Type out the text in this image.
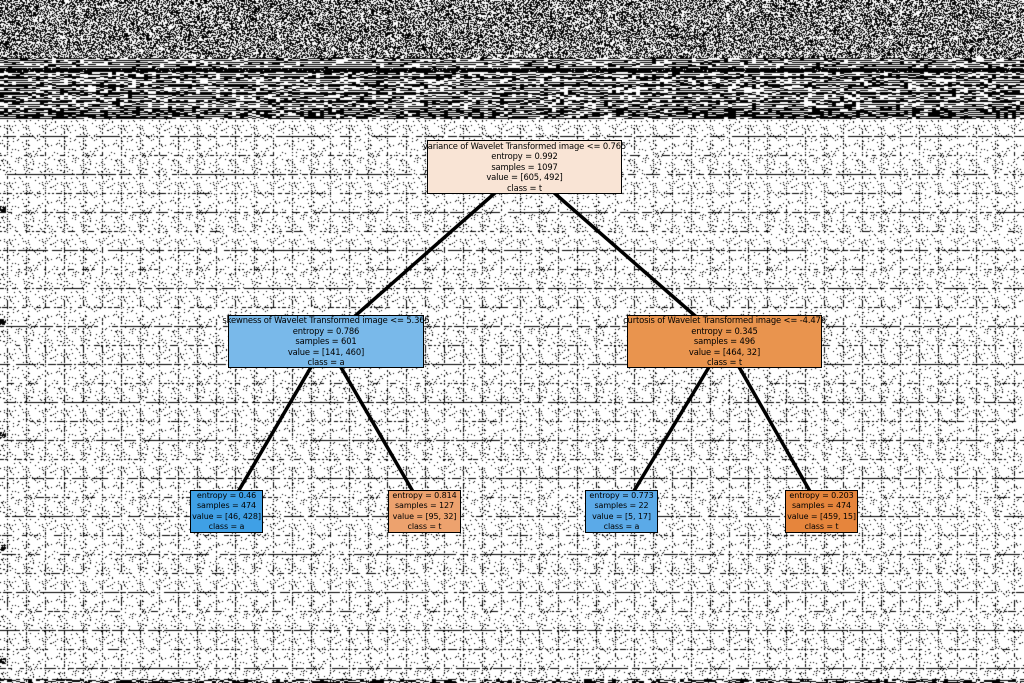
variance of Wavelet Transformed image <= 0.765
entropy = 0.992
samples = 1097
value = [605, 492]
class = t
skewness of Wavelet Transformed image <= 5.365
entropy = 0.786
samples = 601
value = [141, 460]
class = a
curtosis of Wavelet Transformed image <= -4.476
entropy = 0.345
samples = 496
value = [464, 32]
class = t
entropy = 0.46
samples = 474
value = [46, 428]
class = a
entropy = 0.814
samples = 127
value = [95, 32]
class = t
entropy = 0.773
samples = 22
value = [5, 17]
class = a
entropy = 0.203
samples = 474
value = [459, 15]
class = t
